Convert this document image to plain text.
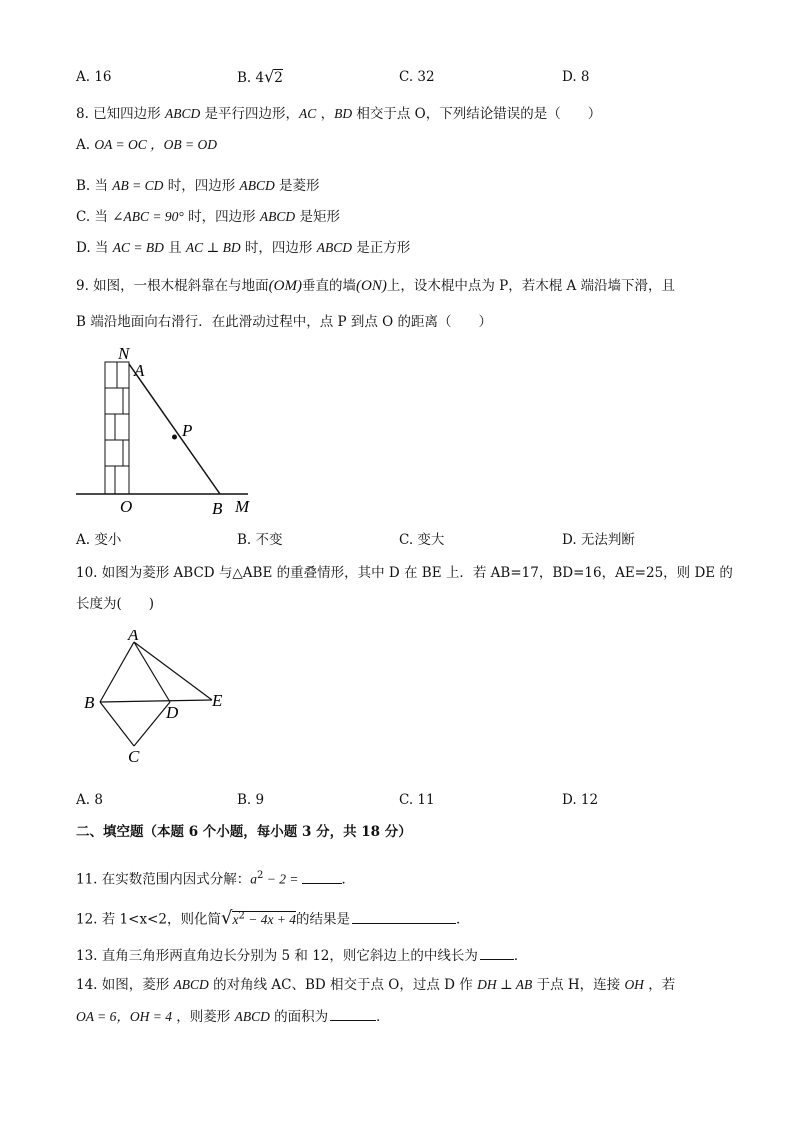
A. 16	B. 4√2	C. 32	D. 8
8. 已知四边形 ABCD 是平行四边形，AC ，BD 相交于点 O，下列结论错误的是（　　）
A. OA = OC ，OB = OD
B. 当 AB = CD 时，四边形 ABCD 是菱形
C. 当 ∠ABC = 90° 时，四边形 ABCD 是矩形
D. 当 AC = BD 且 AC ⊥ BD 时，四边形 ABCD 是正方形
9. 如图，一根木棍斜靠在与地面(OM)垂直的墙(ON)上，设木棍中点为 P，若木棍 A 端沿墙下滑，且
B 端沿地面向右滑行．在此滑动过程中，点 P 到点 O 的距离（　　）
N
A
P
O	B M
A. 变小	B. 不变	C. 变大	D. 无法判断
10. 如图为菱形 ABCD 与△ABE 的重叠情形，其中 D 在 BE 上．若 AB=17，BD=16，AE=25，则 DE 的
长度为(　　)
A
B
D
E
C
A. 8	B. 9	C. 11	D. 12
二、填空题（本题 6 个小题，每小题 3 分，共 18 分）
11. 在实数范围内因式分解：$a^2 - 2$ =	．
12. 若 1<x<2，则化简$√x^2 - 4x + 4$的结果是	．
13. 直角三角形两直角边长分别为 5 和 12，则它斜边上的中线长为	．
14. 如图，菱形 ABCD 的对角线 AC、BD 相交于点 O，过点 D 作 DH ⊥ AB 于点 H，连接 OH ，若
OA = 6，OH = 4 ，则菱形 ABCD 的面积为	．
